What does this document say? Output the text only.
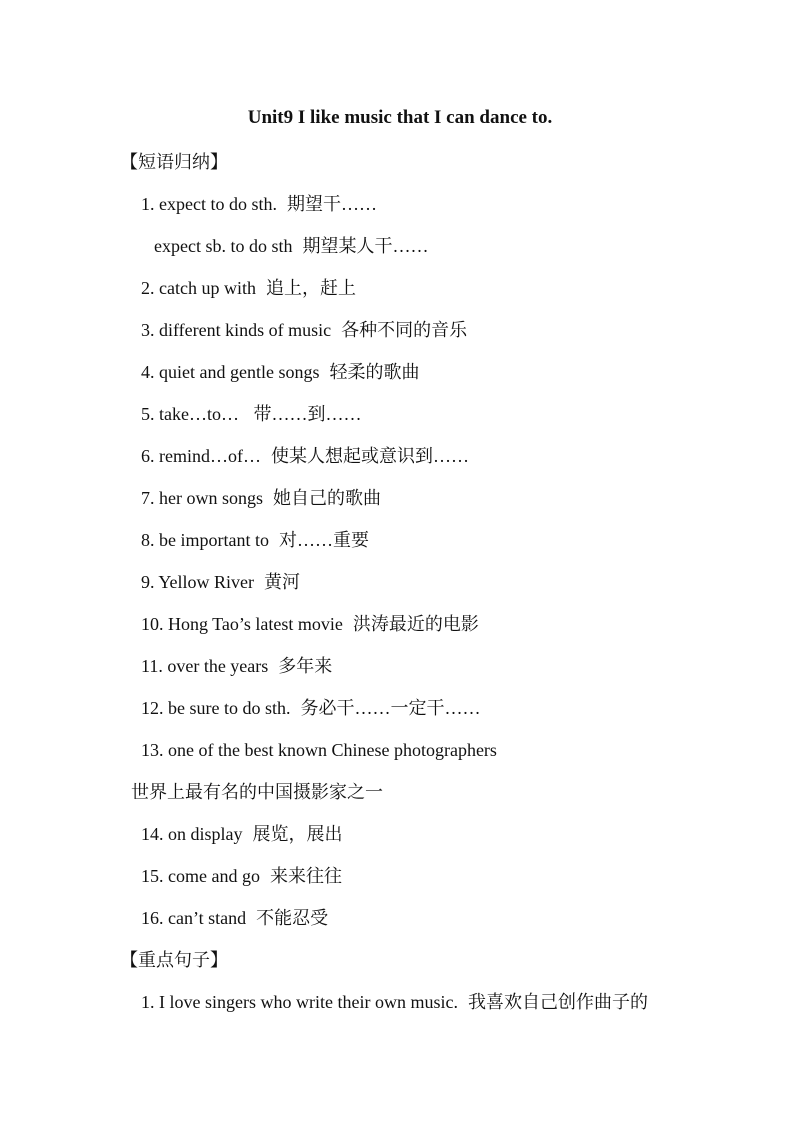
Unit9 I like music that I can dance to.
【短语归纳】
1. expect to do sth. 期望干……
expect sb. to do sth 期望某人干……
2. catch up with 追上，赶上
3. different kinds of music 各种不同的音乐
4. quiet and gentle songs 轻柔的歌曲
5. take…to… 带……到……
6. remind…of… 使某人想起或意识到……
7. her own songs 她自己的歌曲
8. be important to 对……重要
9. Yellow River 黄河
10. Hong Tao’s latest movie 洪涛最近的电影
11. over the years 多年来
12. be sure to do sth. 务必干……一定干……
13. one of the best known Chinese photographers
世界上最有名的中国摄影家之一
14. on display 展览，展出
15. come and go 来来往往
16. can’t stand 不能忍受
【重点句子】
1. I love singers who write their own music. 我喜欢自己创作曲子的
